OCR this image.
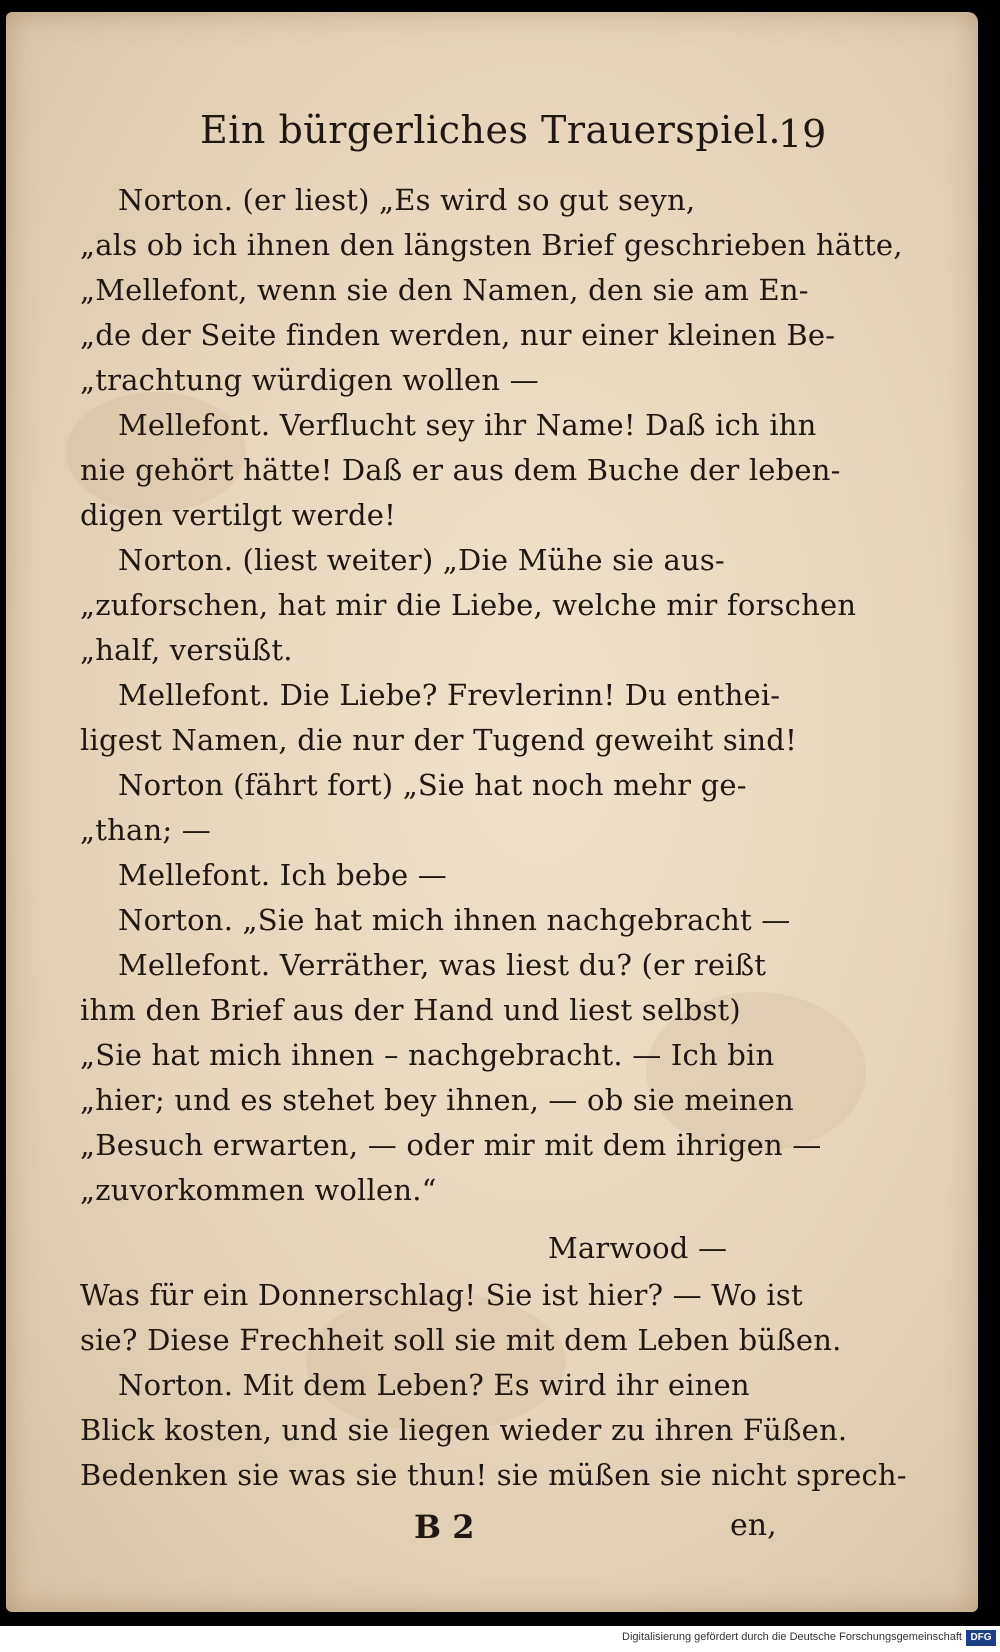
Ein bürgerliches Trauerspiel.
19
Norton. (er liest) „Es wird so gut seyn,
„als ob ich ihnen den längsten Brief geschrieben hätte,
„Mellefont, wenn sie den Namen, den sie am En-
„de der Seite finden werden, nur einer kleinen Be-
„trachtung würdigen wollen —
Mellefont. Verflucht sey ihr Name! Daß ich ihn
nie gehört hätte! Daß er aus dem Buche der leben-
digen vertilgt werde!
Norton. (liest weiter) „Die Mühe sie aus-
„zuforschen, hat mir die Liebe, welche mir forschen
„half, versüßt.
Mellefont. Die Liebe? Frevlerinn! Du enthei-
ligest Namen, die nur der Tugend geweiht sind!
Norton (fährt fort) „Sie hat noch mehr ge-
„than; —
Mellefont. Ich bebe —
Norton. „Sie hat mich ihnen nachgebracht —
Mellefont. Verräther, was liest du? (er reißt
ihm den Brief aus der Hand und liest selbst)
„Sie hat mich ihnen – nachgebracht. — Ich bin
„hier; und es stehet bey ihnen, — ob sie meinen
„Besuch erwarten, — oder mir mit dem ihrigen —
„zuvorkommen wollen.“
Marwood —
Was für ein Donnerschlag! Sie ist hier? — Wo ist
sie? Diese Frechheit soll sie mit dem Leben büßen.
Norton. Mit dem Leben? Es wird ihr einen
Blick kosten, und sie liegen wieder zu ihren Füßen.
Bedenken sie was sie thun! sie müßen sie nicht sprech-
B 2	en,
Digitalisierung gefördert durch die Deutsche Forschungsgemeinschaft DFG
